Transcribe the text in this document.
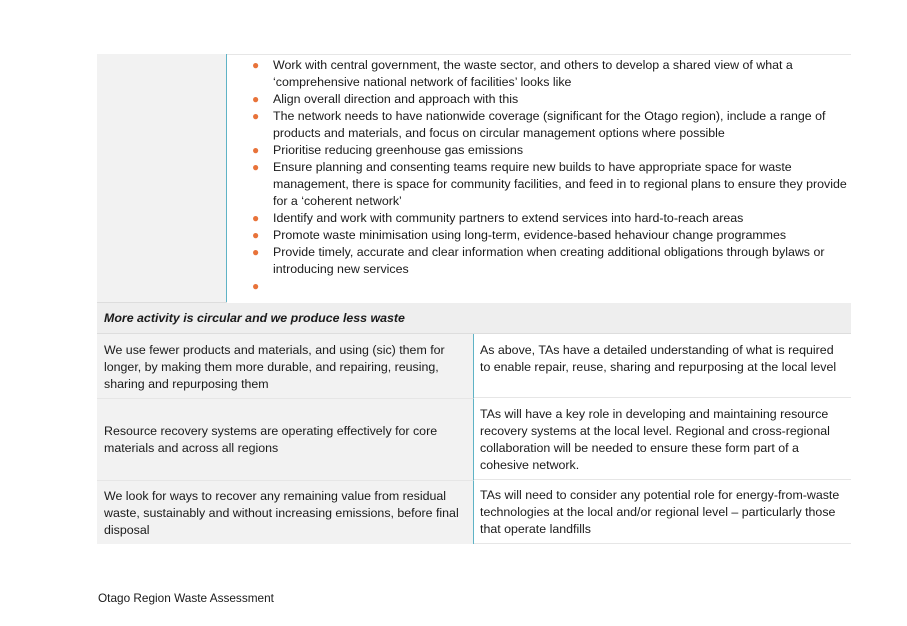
● Work with central government, the waste sector, and others to develop a shared view of what a ‘comprehensive national network of facilities’ looks like
● Align overall direction and approach with this
● The network needs to have nationwide coverage (significant for the Otago region), include a range of products and materials, and focus on circular management options where possible
● Prioritise reducing greenhouse gas emissions
● Ensure planning and consenting teams require new builds to have appropriate space for waste management, there is space for community facilities, and feed in to regional plans to ensure they provide for a ‘coherent network’
● Identify and work with community partners to extend services into hard-to-reach areas
● Promote waste minimisation using long-term, evidence-based hehaviour change programmes
● Provide timely, accurate and clear information when creating additional obligations through bylaws or introducing new services
●
More activity is circular and we produce less waste
We use fewer products and materials, and using (sic) them for longer, by making them more durable, and repairing, reusing, sharing and repurposing them
As above, TAs have a detailed understanding of what is required to enable repair, reuse, sharing and repurposing at the local level
Resource recovery systems are operating effectively for core materials and across all regions
TAs will have a key role in developing and maintaining resource recovery systems at the local level. Regional and cross-regional collaboration will be needed to ensure these form part of a cohesive network.
We look for ways to recover any remaining value from residual waste, sustainably and without increasing emissions, before final disposal
TAs will need to consider any potential role for energy-from-waste technologies at the local and/or regional level – particularly those that operate landfills
Otago Region Waste Assessment
